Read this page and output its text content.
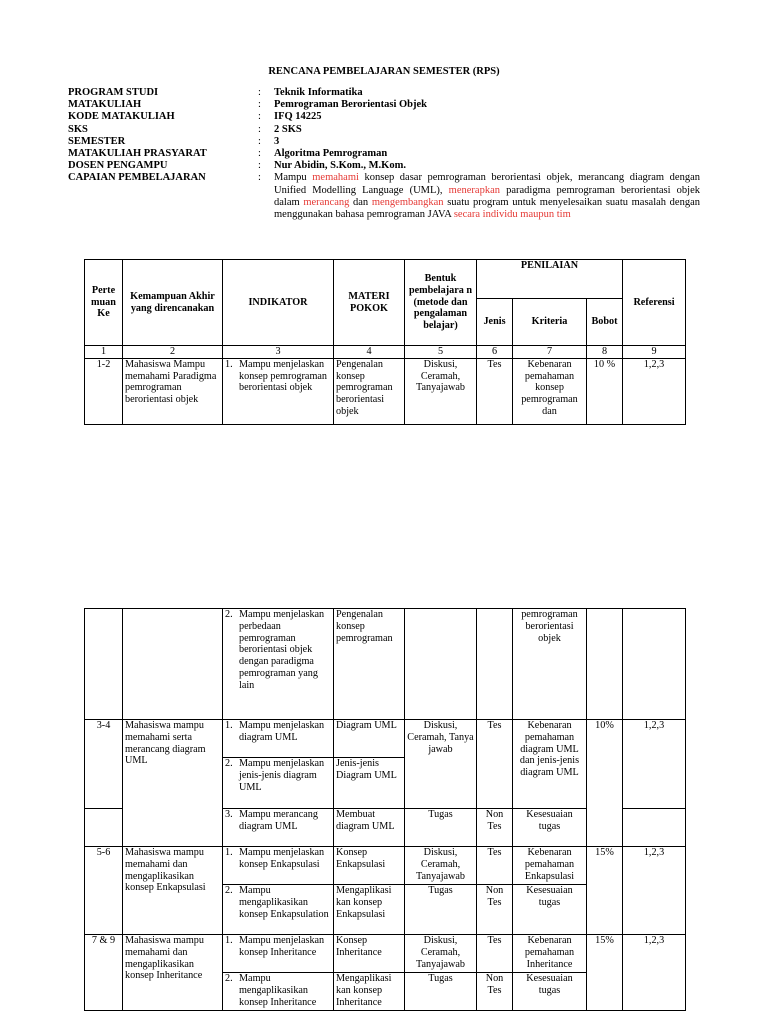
RENCANA PEMBELAJARAN SEMESTER (RPS)
PROGRAM STUDI	:	Teknik Informatika
MATAKULIAH	:	Pemrograman Berorientasi Objek
KODE MATAKULIAH	:	IFQ 14225
SKS	:	2 SKS
SEMESTER	:	3
MATAKULIAH PRASYARAT	:	Algoritma Pemrograman
DOSEN PENGAMPU	:	Nur Abidin, S.Kom., M.Kom.
CAPAIAN PEMBELAJARAN	:	Mampu memahami konsep dasar pemrograman berorientasi objek, merancang diagram dengan Unified Modelling Language (UML), menerapkan paradigma pemrograman berorientasi objek dalam merancang dan mengembangkan suatu program untuk menyelesaikan suatu masalah dengan menggunakan bahasa pemrograman JAVA secara individu maupun tim
Perte muan Ke	Kemampuan Akhir yang direncanakan	INDIKATOR	MATERI POKOK	Bentuk pembelajara n (metode dan pengalaman belajar)	PENILAIAN			Referensi
					Jenis	Kriteria	Bobot	
1	2	3	4	5	6	7	8	9
1-2	Mahasiswa Mampu memahami Paradigma pemrograman berorientasi objek	1. Mampu menjelaskan konsep pemrograman berorientasi objek	Pengenalan konsep pemrograman berorientasi objek	Diskusi, Ceramah, Tanyajawab	Tes	Kebenaran pemahaman konsep pemrograman dan	10 %	1,2,3

		2. Mampu menjelaskan perbedaan pemrograman berorientasi objek dengan paradigma pemrograman yang lain	Pengenalan konsep pemrograman			pemrograman berorientasi objek		
3-4	Mahasiswa mampu memahami serta merancang diagram UML	1. Mampu menjelaskan diagram UML	Diagram UML	Diskusi, Ceramah, Tanya jawab	Tes	Kebenaran pemahaman diagram UML dan jenis-jenis diagram UML	10%	1,2,3

		2. Mampu menjelaskan jenis-jenis diagram UML	Jenis-jenis Diagram UML					

		3. Mampu merancang diagram UML	Membuat diagram UML	Tugas	Non Tes	Kesesuaian tugas		
5-6	Mahasiswa mampu memahami dan mengaplikasikan konsep Enkapsulasi	1. Mampu menjelaskan konsep Enkapsulasi	Konsep Enkapsulasi	Diskusi, Ceramah, Tanyajawab	Tes	Kebenaran pemahaman Enkapsulasi	15%	1,2,3

		2. Mampu mengaplikasikan konsep Enkapsulation	Mengaplikasi kan konsep Enkapsulasi	Tugas	Non Tes	Kesesuaian tugas		
7 & 9	Mahasiswa mampu memahami dan mengaplikasikan konsep Inheritance	1. Mampu menjelaskan konsep Inheritance	Konsep Inheritance	Diskusi, Ceramah, Tanyajawab	Tes	Kebenaran pemahaman Inheritance	15%	1,2,3

		2. Mampu mengaplikasikan konsep Inheritance	Mengaplikasi kan konsep Inheritance	Tugas	Non Tes	Kesesuaian tugas		
